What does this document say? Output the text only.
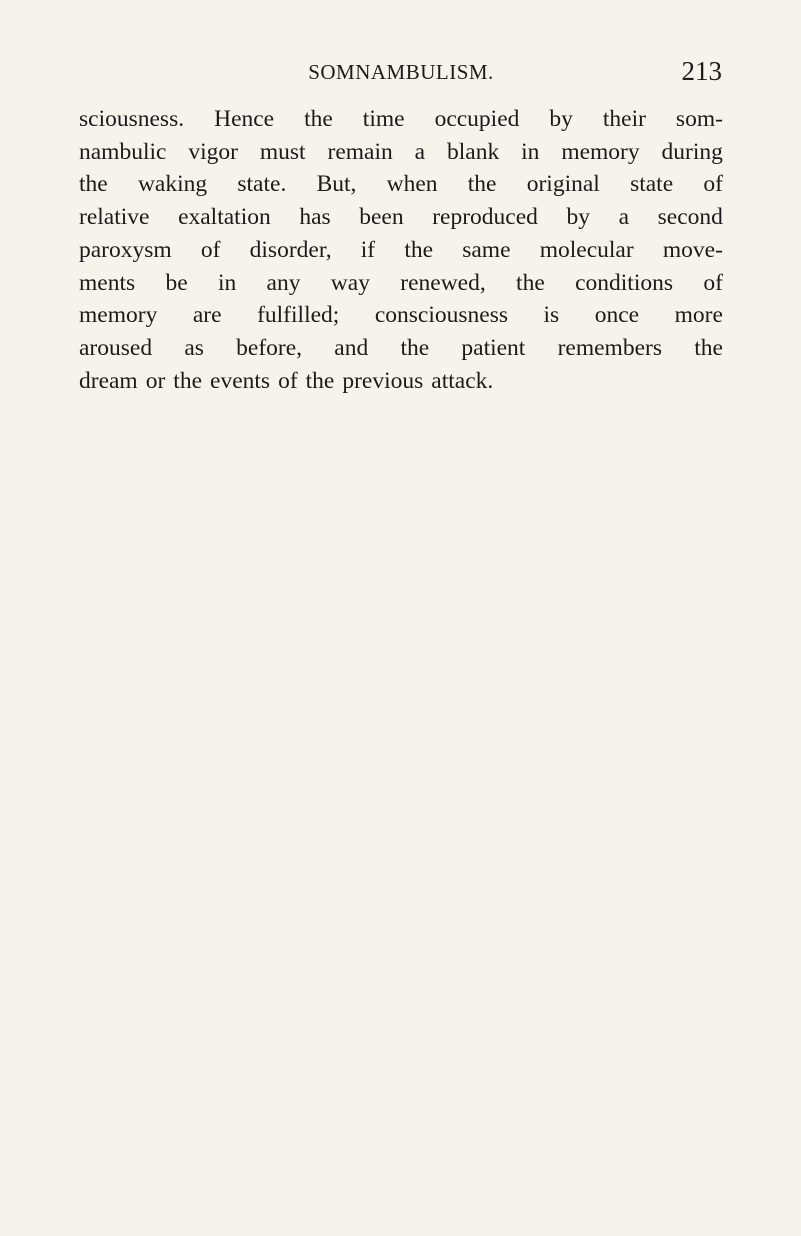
SOMNAMBULISM.	213
sciousness. Hence the time occupied by their som-
nambulic vigor must remain a blank in memory during
the waking state. But, when the original state of
relative exaltation has been reproduced by a second
paroxysm of disorder, if the same molecular move-
ments be in any way renewed, the conditions of
memory are fulfilled; consciousness is once more
aroused as before, and the patient remembers the
dream or the events of the previous attack.
